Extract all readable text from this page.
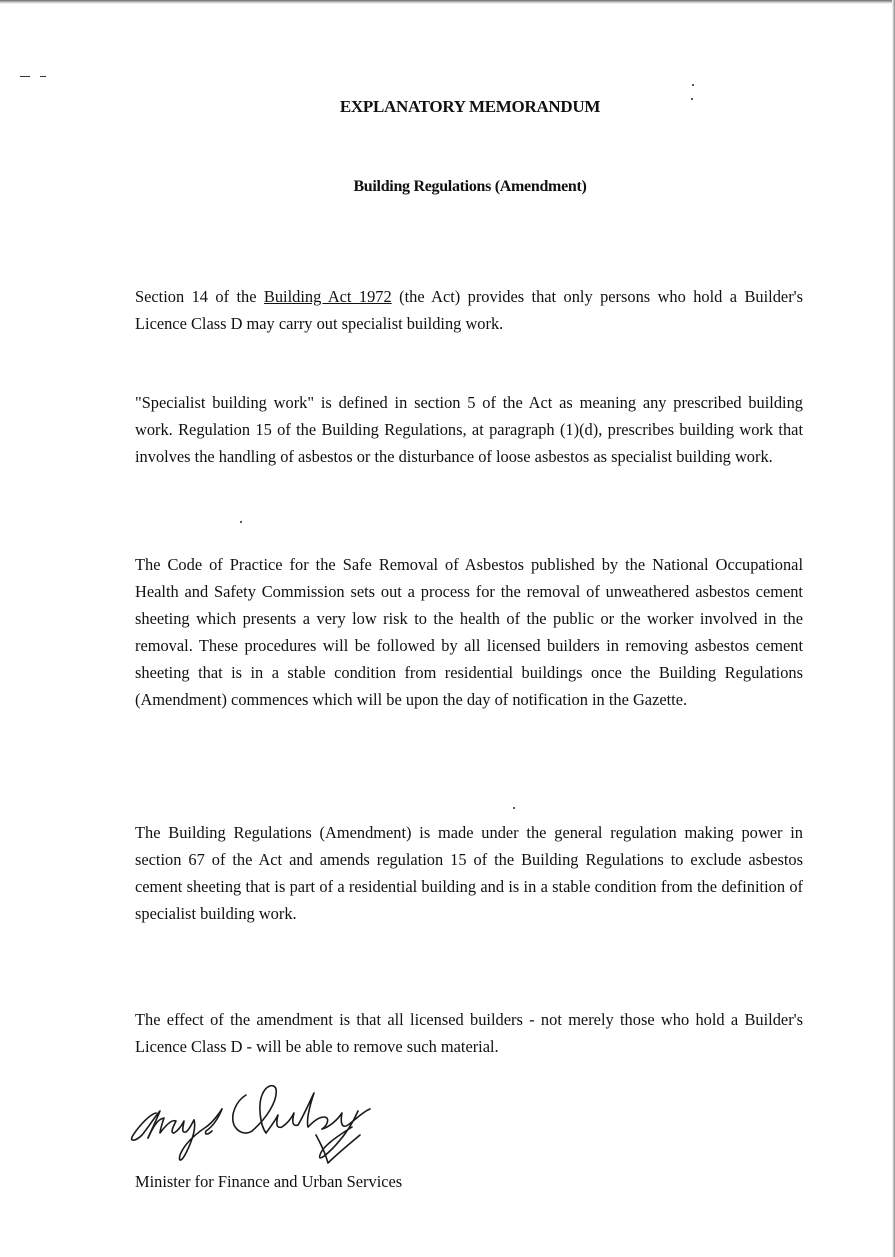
EXPLANATORY MEMORANDUM
Building Regulations (Amendment)

Section 14 of the Building Act 1972 (the Act) provides that only persons who hold a Builder's Licence Class D may carry out specialist building work.

"Specialist building work" is defined in section 5 of the Act as meaning any prescribed building work. Regulation 15 of the Building Regulations, at paragraph (1)(d), prescribes building work that involves the handling of asbestos or the disturbance of loose asbestos as specialist building work.

The Code of Practice for the Safe Removal of Asbestos published by the National Occupational Health and Safety Commission sets out a process for the removal of unweathered asbestos cement sheeting which presents a very low risk to the health of the public or the worker involved in the removal. These procedures will be followed by all licensed builders in removing asbestos cement sheeting that is in a stable condition from residential buildings once the Building Regulations (Amendment) commences which will be upon the day of notification in the Gazette.

The Building Regulations (Amendment) is made under the general regulation making power in section 67 of the Act and amends regulation 15 of the Building Regulations to exclude asbestos cement sheeting that is part of a residential building and is in a stable condition from the definition of specialist building work.

The effect of the amendment is that all licensed builders - not merely those who hold a Builder's Licence Class D - will be able to remove such material.

Minister for Finance and Urban Services
